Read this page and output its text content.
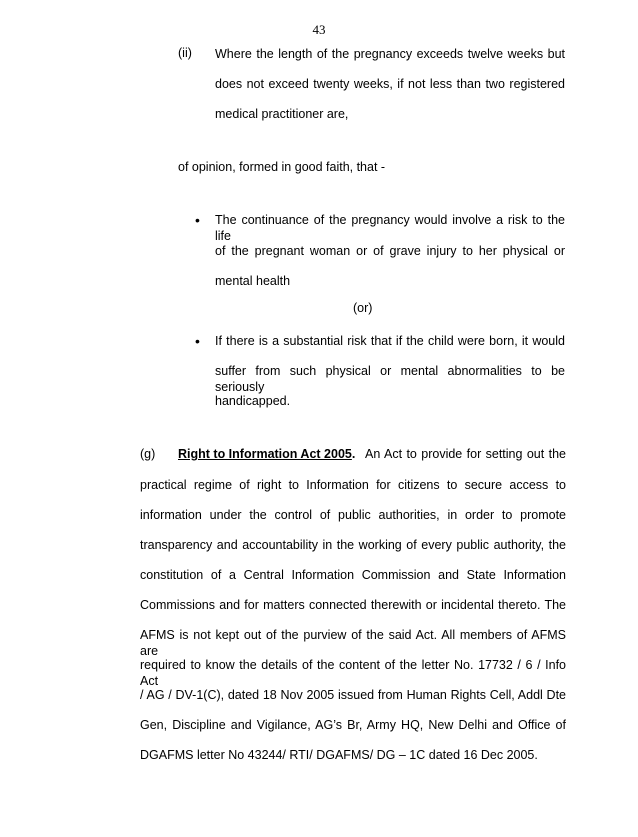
43
(ii) Where the length of the pregnancy exceeds twelve weeks but
does not exceed twenty weeks, if not less than two registered
medical practitioner are,
of opinion, formed in good faith, that -
• The continuance of the pregnancy would involve a risk to the life
of the pregnant woman or of grave injury to her physical or
mental health
(or)
• If there is a substantial risk that if the child were born, it would
suffer from such physical or mental abnormalities to be seriously
handicapped.
(g) Right to Information Act 2005. An Act to provide for setting out the
practical regime of right to Information for citizens to secure access to
information under the control of public authorities, in order to promote
transparency and accountability in the working of every public authority, the
constitution of a Central Information Commission and State Information
Commissions and for matters connected therewith or incidental thereto. The
AFMS is not kept out of the purview of the said Act. All members of AFMS are
required to know the details of the content of the letter No. 17732 / 6 / Info Act
/ AG / DV-1(C), dated 18 Nov 2005 issued from Human Rights Cell, Addl Dte
Gen, Discipline and Vigilance, AG’s Br, Army HQ, New Delhi and Office of
DGAFMS letter No 43244/ RTI/ DGAFMS/ DG – 1C dated 16 Dec 2005.
